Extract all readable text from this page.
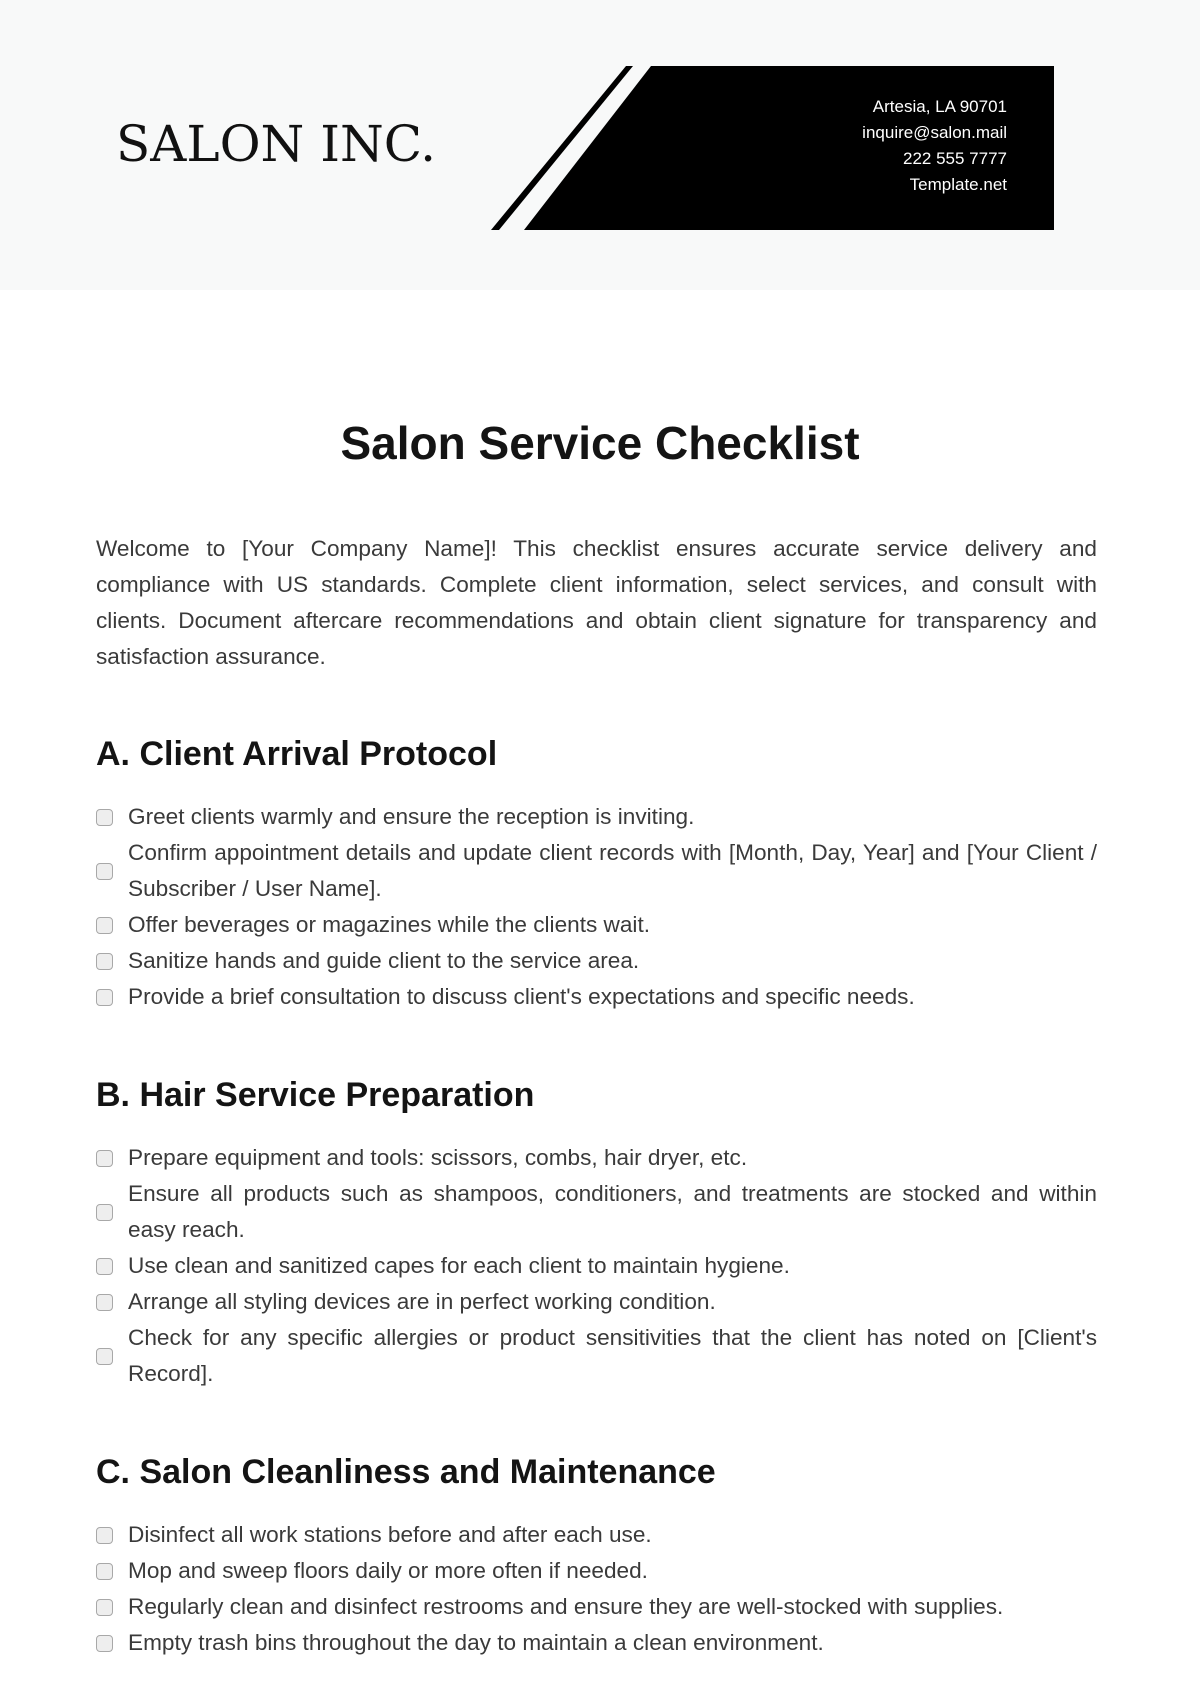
SALON INC.
Artesia, LA 90701
inquire@salon.mail
222 555 7777
Template.net
Salon Service Checklist

Welcome to [Your Company Name]! This checklist ensures accurate service delivery and compliance with US standards. Complete client information, select services, and consult with clients. Document aftercare recommendations and obtain client signature for transparency and satisfaction assurance.

A. Client Arrival Protocol
Greet clients warmly and ensure the reception is inviting.
Confirm appointment details and update client records with [Month, Day, Year] and [Your Client / Subscriber / User Name].
Offer beverages or magazines while the clients wait.
Sanitize hands and guide client to the service area.
Provide a brief consultation to discuss client's expectations and specific needs.
B. Hair Service Preparation
Prepare equipment and tools: scissors, combs, hair dryer, etc.
Ensure all products such as shampoos, conditioners, and treatments are stocked and within easy reach.
Use clean and sanitized capes for each client to maintain hygiene.
Arrange all styling devices are in perfect working condition.
Check for any specific allergies or product sensitivities that the client has noted on [Client's Record].
C. Salon Cleanliness and Maintenance
Disinfect all work stations before and after each use.
Mop and sweep floors daily or more often if needed.
Regularly clean and disinfect restrooms and ensure they are well-stocked with supplies.
Empty trash bins throughout the day to maintain a clean environment.
